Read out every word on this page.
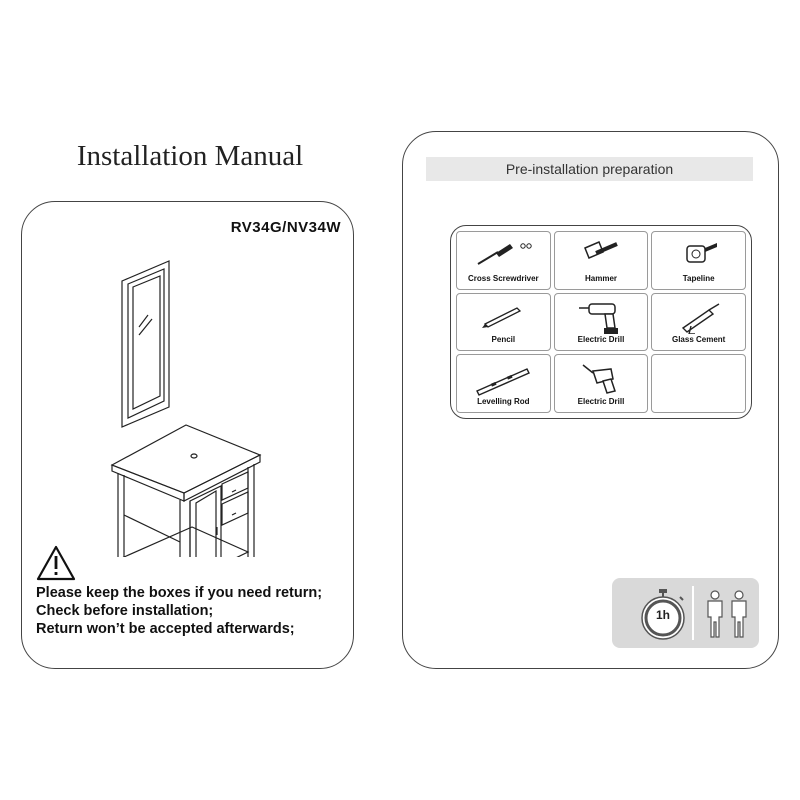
Installation Manual
RV34G/NV34W
Please keep the boxes if you need return;
Check before installation;
Return won’t be accepted afterwards;
Pre-installation preparation
Cross Screwdriver	Hammer	Tapeline
Pencil	Electric Drill	Glass Cement
Levelling Rod	Electric Drill
1h
